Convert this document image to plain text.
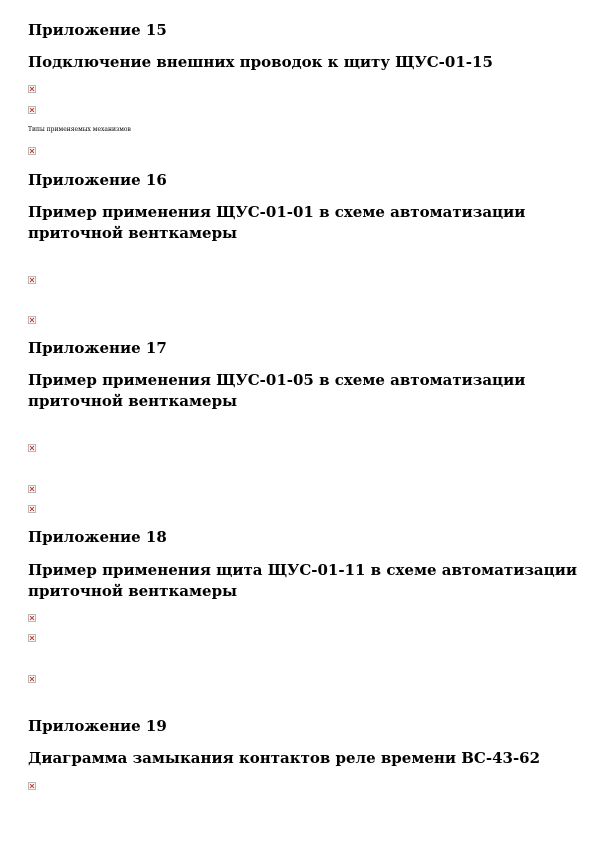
Приложение 15

Подключение внешних проводок к щиту ЩУС-01-15

Типы применяемых механизмов

Приложение 16

Пример применения ЩУС-01-01 в схеме автоматизации

приточной венткамеры

Приложение 17

Пример применения ЩУС-01-05 в схеме автоматизации

приточной венткамеры

Приложение 18

Пример применения щита ЩУС-01-11 в схеме автоматизации

приточной венткамеры

Приложение 19

Диаграмма замыкания контактов реле времени ВС-43-62
